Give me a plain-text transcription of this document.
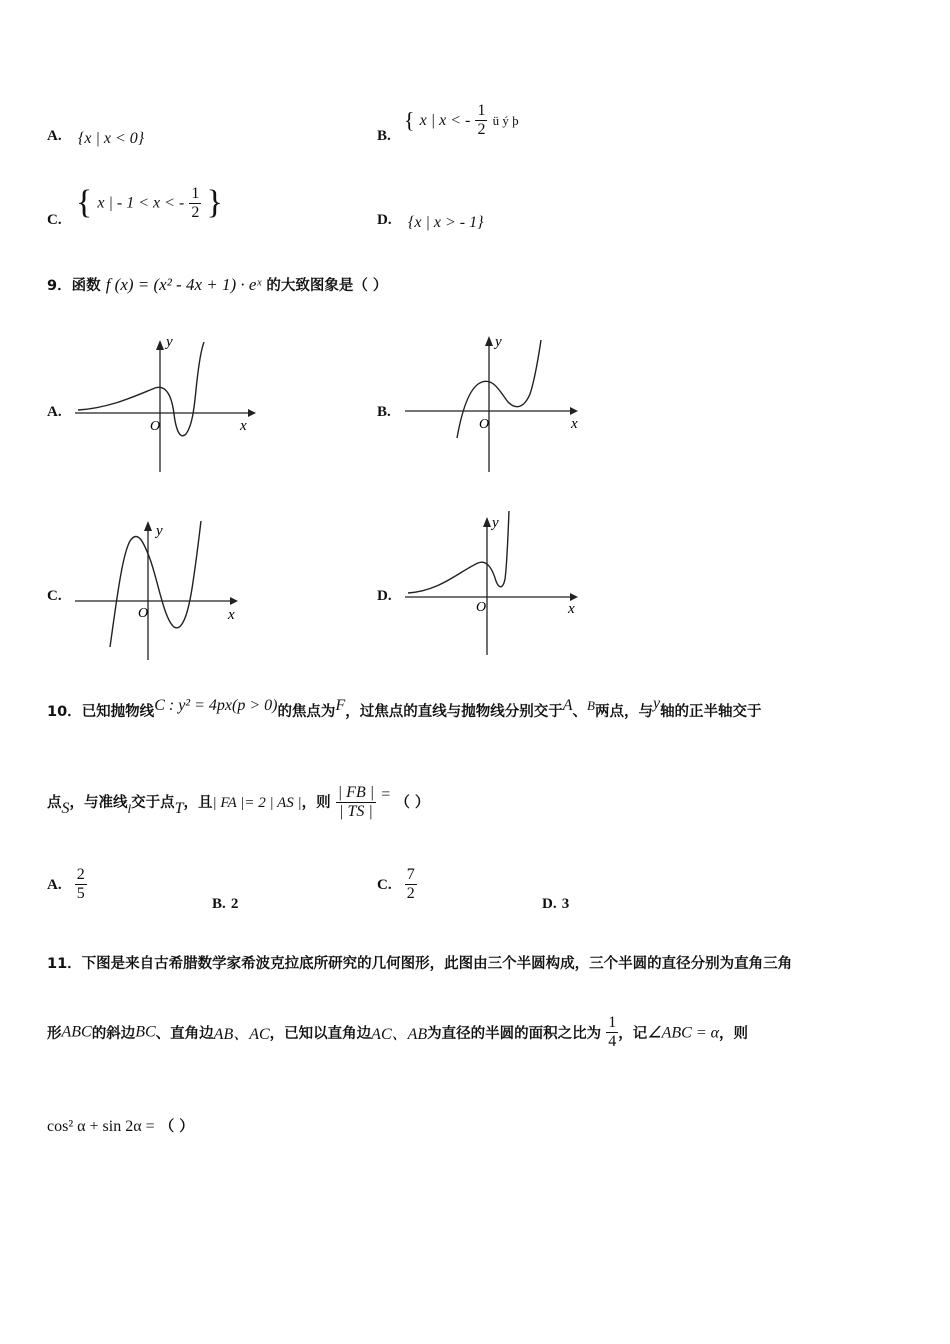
A. {x | x < 0}	B.
{ x | x < - $\frac{1}{2}$ ü ý þ
C. { x | - 1 < x < - $\frac{1}{2}$ }	D. {x | x > - 1}
9．函数 f (x) = (x² - 4x + 1) · eˣ 的大致图象是（ ）
A.
y
x
O
B.
y
x
O
C.
y
x
O
D.
y
x
O
10．已知抛物线C : y² = 4px(p > 0)的焦点为F，过焦点的直线与抛物线分别交于A、$^B$两点，与y轴的正半轴交于
点S，与准线$_l$交于点T，且| FA |= 2 | AS |，则 $\frac{| FB |}{| TS |}$ = （ ）
A. $\frac{2}{5}$
B. 2
C. $\frac{7}{2}$
D. 3
11．下图是来自古希腊数学家希波克拉底所研究的几何图形，此图由三个半圆构成，三个半圆的直径分别为直角三角
形ABC的斜边BC、直角边AB、AC，已知以直角边AC、AB为直径的半圆的面积之比为 $\frac{1}{4}$ ，记∠ABC = α，则
cos² α + sin 2α = （ ）
